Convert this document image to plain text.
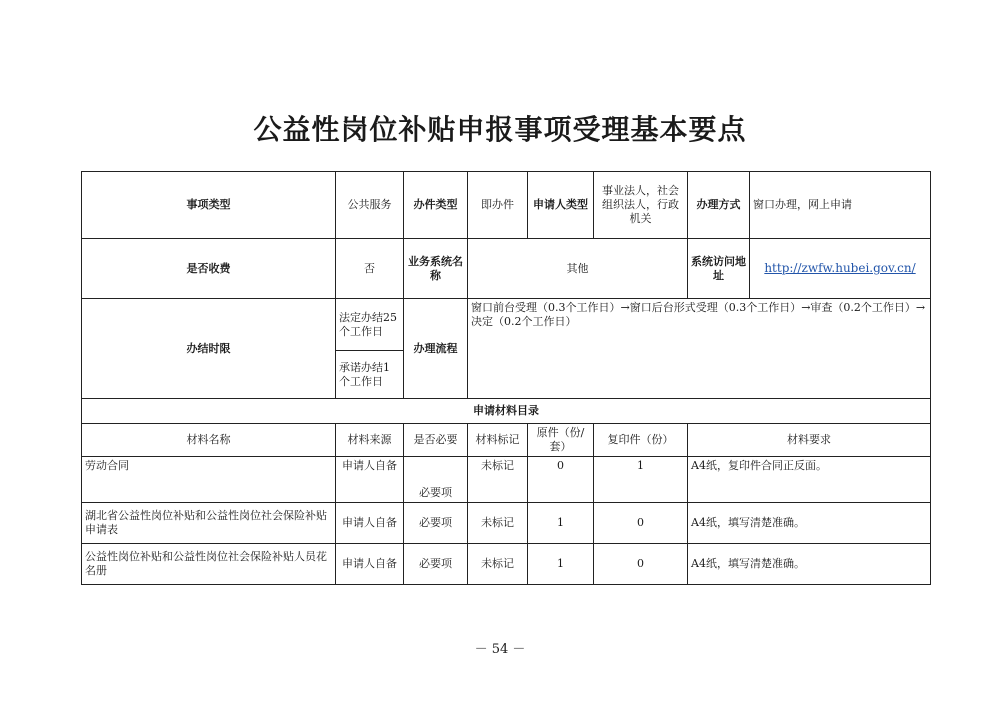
公益性岗位补贴申报事项受理基本要点
事项类型	公共服务	办件类型	即办件	申请人类型	事业法人，社会组织法人，行政机关	办理方式	窗口办理，网上申请
是否收费	否	业务系统名称	其他			系统访问地址	http://zwfw.hubei.gov.cn/
办结时限	法定办结25个工作日	办理流程	窗口前台受理（0.3个工作日）→窗口后台形式受理（0.3个工作日）→审查（0.2个工作日）→决定（0.2个工作日）				
	承诺办结1个工作日						
申请材料目录							
材料名称	材料来源	是否必要	材料标记	原件（份/套）	复印件（份）	材料要求	
劳动合同	申请人自备	必要项	未标记	0	1	A4纸，复印件合同正反面。	
湖北省公益性岗位补贴和公益性岗位社会保险补贴申请表	申请人自备	必要项	未标记	1	0	A4纸，填写清楚准确。	
公益性岗位补贴和公益性岗位社会保险补贴人员花名册	申请人自备	必要项	未标记	1	0	A4纸，填写清楚准确。	
－ 54 －
